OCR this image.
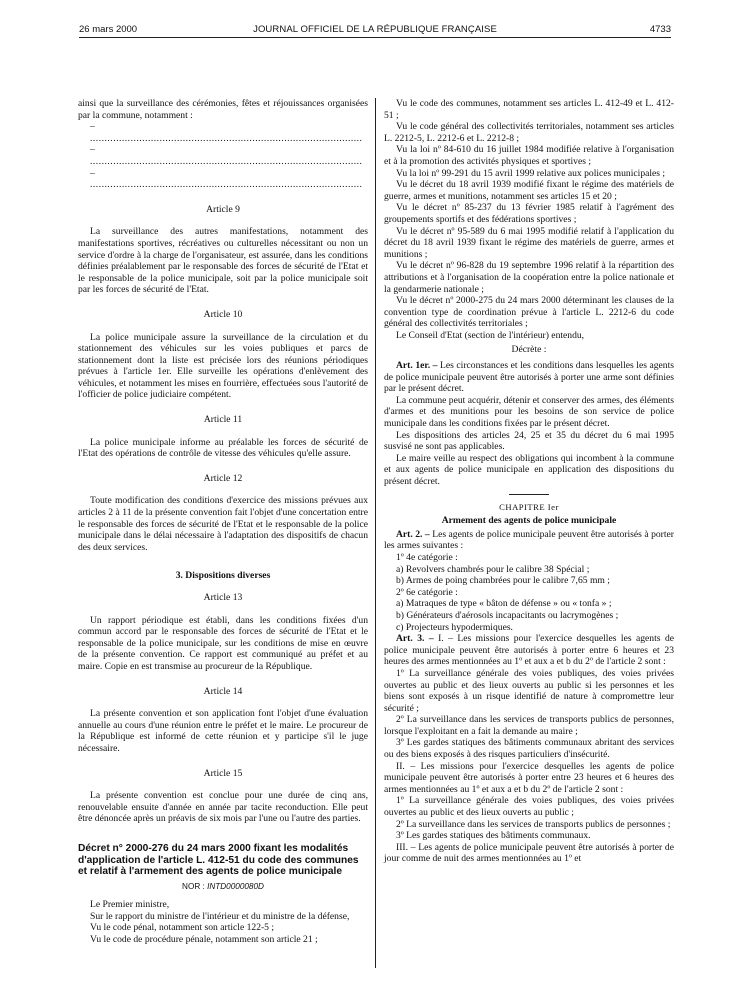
26 mars 2000	JOURNAL OFFICIEL DE LA RÉPUBLIQUE FRANÇAISE	4733

ainsi que la surveillance des cérémonies, fêtes et réjouissances organisées par la commune, notamment :

– ..............................................................................................

– ..............................................................................................

– ..............................................................................................

Article 9

La surveillance des autres manifestations, notamment des manifestations sportives, récréatives ou culturelles nécessitant ou non un service d'ordre à la charge de l'organisateur, est assurée, dans les conditions définies préalablement par le responsable des forces de sécurité de l'Etat et le responsable de la police municipale, soit par la police municipale soit par les forces de sécurité de l'Etat.

Article 10

La police municipale assure la surveillance de la circulation et du stationnement des véhicules sur les voies publiques et parcs de stationnement dont la liste est précisée lors des réunions périodiques prévues à l'article 1er. Elle surveille les opérations d'enlèvement des véhicules, et notamment les mises en fourrière, effectuées sous l'autorité de l'officier de police judiciaire compétent.

Article 11

La police municipale informe au préalable les forces de sécurité de l'Etat des opérations de contrôle de vitesse des véhicules qu'elle assure.

Article 12

Toute modification des conditions d'exercice des missions prévues aux articles 2 à 11 de la présente convention fait l'objet d'une concertation entre le responsable des forces de sécurité de l'Etat et le responsable de la police municipale dans le délai nécessaire à l'adaptation des dispositifs de chacun des deux services.

3. Dispositions diverses

Article 13

Un rapport périodique est établi, dans les conditions fixées d'un commun accord par le responsable des forces de sécurité de l'Etat et le responsable de la police municipale, sur les conditions de mise en œuvre de la présente convention. Ce rapport est communiqué au préfet et au maire. Copie en est transmise au procureur de la République.

Article 14

La présente convention et son application font l'objet d'une évaluation annuelle au cours d'une réunion entre le préfet et le maire. Le procureur de la République est informé de cette réunion et y participe s'il le juge nécessaire.

Article 15

La présente convention est conclue pour une durée de cinq ans, renouvelable ensuite d'année en année par tacite reconduction. Elle peut être dénoncée après un préavis de six mois par l'une ou l'autre des parties.

Décret n° 2000-276 du 24 mars 2000 fixant les modalités d'application de l'article L. 412-51 du code des communes et relatif à l'armement des agents de police municipale

NOR : INTD0000080D

Le Premier ministre,

Sur le rapport du ministre de l'intérieur et du ministre de la défense,

Vu le code pénal, notamment son article 122-5 ;

Vu le code de procédure pénale, notamment son article 21 ;

Vu le code des communes, notamment ses articles L. 412-49 et L. 412-51 ;

Vu le code général des collectivités territoriales, notamment ses articles L. 2212-5, L. 2212-6 et L. 2212-8 ;

Vu la loi nº 84-610 du 16 juillet 1984 modifiée relative à l'organisation et à la promotion des activités physiques et sportives ;

Vu la loi nº 99-291 du 15 avril 1999 relative aux polices municipales ;

Vu le décret du 18 avril 1939 modifié fixant le régime des matériels de guerre, armes et munitions, notamment ses articles 15 et 20 ;

Vu le décret nº 85-237 du 13 février 1985 relatif à l'agrément des groupements sportifs et des fédérations sportives ;

Vu le décret nº 95-589 du 6 mai 1995 modifié relatif à l'application du décret du 18 avril 1939 fixant le régime des matériels de guerre, armes et munitions ;

Vu le décret nº 96-828 du 19 septembre 1996 relatif à la répartition des attributions et à l'organisation de la coopération entre la police nationale et la gendarmerie nationale ;

Vu le décret nº 2000-275 du 24 mars 2000 déterminant les clauses de la convention type de coordination prévue à l'article L. 2212-6 du code général des collectivités territoriales ;

Le Conseil d'Etat (section de l'intérieur) entendu,

Décrète :

Art. 1er. – Les circonstances et les conditions dans lesquelles les agents de police municipale peuvent être autorisés à porter une arme sont définies par le présent décret.

La commune peut acquérir, détenir et conserver des armes, des éléments d'armes et des munitions pour les besoins de son service de police municipale dans les conditions fixées par le présent décret.

Les dispositions des articles 24, 25 et 35 du décret du 6 mai 1995 susvisé ne sont pas applicables.

Le maire veille au respect des obligations qui incombent à la commune et aux agents de police municipale en application des dispositions du présent décret.

CHAPITRE Ier

Armement des agents de police municipale

Art. 2. – Les agents de police municipale peuvent être autorisés à porter les armes suivantes :

1º 4e catégorie :

a) Revolvers chambrés pour le calibre 38 Spécial ;

b) Armes de poing chambrées pour le calibre 7,65 mm ;

2º 6e catégorie :

a) Matraques de type « bâton de défense » ou « tonfa » ;

b) Générateurs d'aérosols incapacitants ou lacrymogènes ;

c) Projecteurs hypodermiques.

Art. 3. – I. – Les missions pour l'exercice desquelles les agents de police municipale peuvent être autorisés à porter entre 6 heures et 23 heures des armes mentionnées au 1º et aux a et b du 2º de l'article 2 sont :

1º La surveillance générale des voies publiques, des voies privées ouvertes au public et des lieux ouverts au public si les personnes et les biens sont exposés à un risque identifié de nature à compromettre leur sécurité ;

2º La surveillance dans les services de transports publics de personnes, lorsque l'exploitant en a fait la demande au maire ;

3º Les gardes statiques des bâtiments communaux abritant des services ou des biens exposés à des risques particuliers d'insécurité.

II. – Les missions pour l'exercice desquelles les agents de police municipale peuvent être autorisés à porter entre 23 heures et 6 heures des armes mentionnées au 1º et aux a et b du 2º de l'article 2 sont :

1º La surveillance générale des voies publiques, des voies privées ouvertes au public et des lieux ouverts au public ;

2º La surveillance dans les services de transports publics de personnes ;

3º Les gardes statiques des bâtiments communaux.

III. – Les agents de police municipale peuvent être autorisés à porter de jour comme de nuit des armes mentionnées au 1º et
